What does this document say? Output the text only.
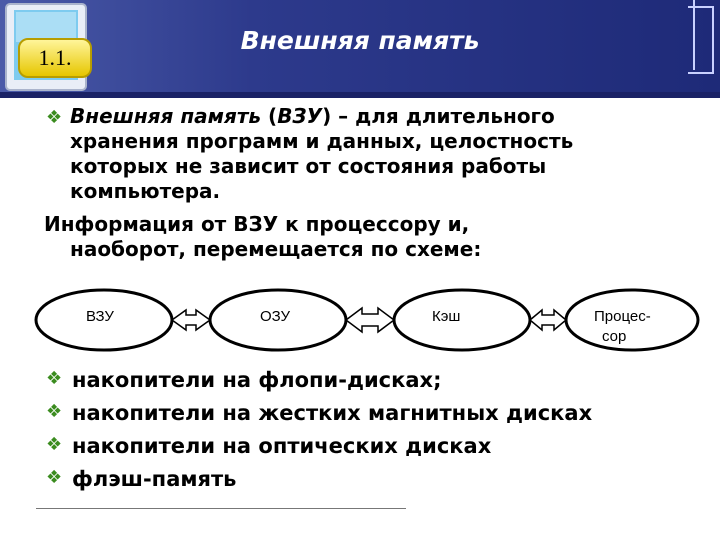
1.1.
Внешняя память
❖ Внешняя память (ВЗУ) – для длительного
хранения программ и данных, целостность
которых не зависит от состояния работы
компьютера.
Информация от ВЗУ к процессору и,
наоборот, перемещается по схеме:
ВЗУ	ОЗУ	Кэш	Процес-
сор
❖ накопители на флопи-дисках;
❖ накопители на жестких магнитных дисках
❖ накопители на оптических дисках
❖ флэш-память
